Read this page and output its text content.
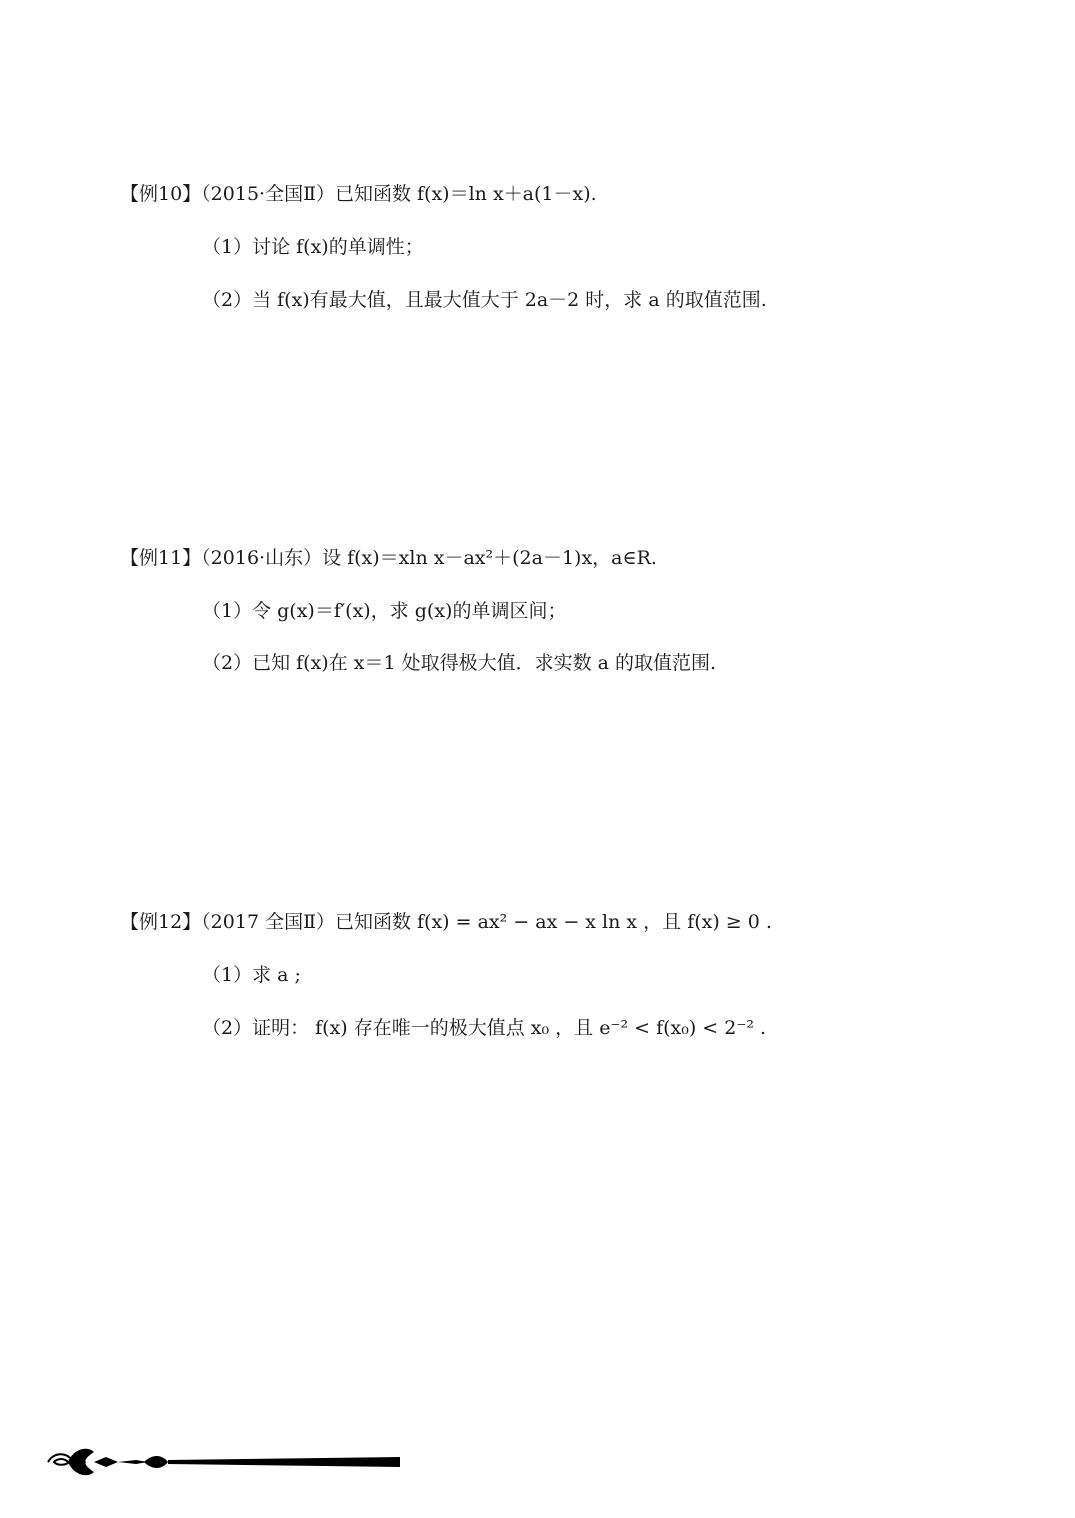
【例10】（2015·全国Ⅱ）已知函数 f(x)＝ln x＋a(1－x).
（1）讨论 f(x)的单调性；
（2）当 f(x)有最大值，且最大值大于 2a－2 时，求 a 的取值范围.
【例11】（2016·山东）设 f(x)＝xln x－ax²＋(2a－1)x，a∈R.
（1）令 g(x)＝f′(x)，求 g(x)的单调区间；
（2）已知 f(x)在 x＝1 处取得极大值．求实数 a 的取值范围.
【例12】（2017 全国Ⅱ）已知函数 f(x) = ax² − ax − x ln x ，且 f(x) ≥ 0 .
（1）求 a ;
（2）证明： f(x) 存在唯一的极大值点 x₀ ，且 e⁻² < f(x₀) < 2⁻² .
